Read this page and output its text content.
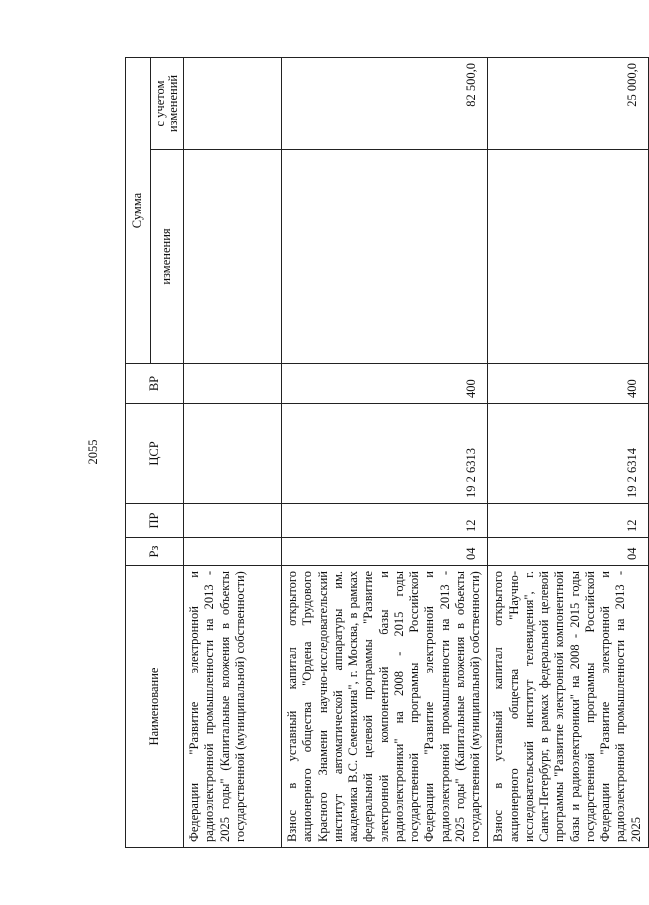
2055
Наименование	Рз	ПР	ЦСР	ВР	Сумма	
					изменения	с учетом изменений
Федерации "Развитие электронной и радиоэлектронной промышленности на 2013 - 2025 годы" (Капитальные вложения в объекты государственной (муниципальной) собственности)						
Взнос в уставный капитал открытого акционерного общества "Ордена Трудового Красного Знамени научно-исследовательский институт автоматической аппаратуры им. академика В.С. Семенихина", г. Москва, в рамках федеральной целевой программы "Развитие электронной компонентной базы и радиоэлектроники" на 2008 - 2015 годы государственной программы Российской Федерации "Развитие электронной и радиоэлектронной промышленности на 2013 - 2025 годы" (Капитальные вложения в объекты государственной (муниципальной) собственности)	04	12	19 2 6313	400		82 500,0
Взнос в уставный капитал открытого акционерного общества "Научно-исследовательский институт телевидения", г. Санкт-Петербург, в рамках федеральной целевой программы "Развитие электронной компонентной базы и радиоэлектроники" на 2008 - 2015 годы государственной программы Российской Федерации "Развитие электронной и радиоэлектронной промышленности на 2013 - 2025	04	12	19 2 6314	400		25 000,0
